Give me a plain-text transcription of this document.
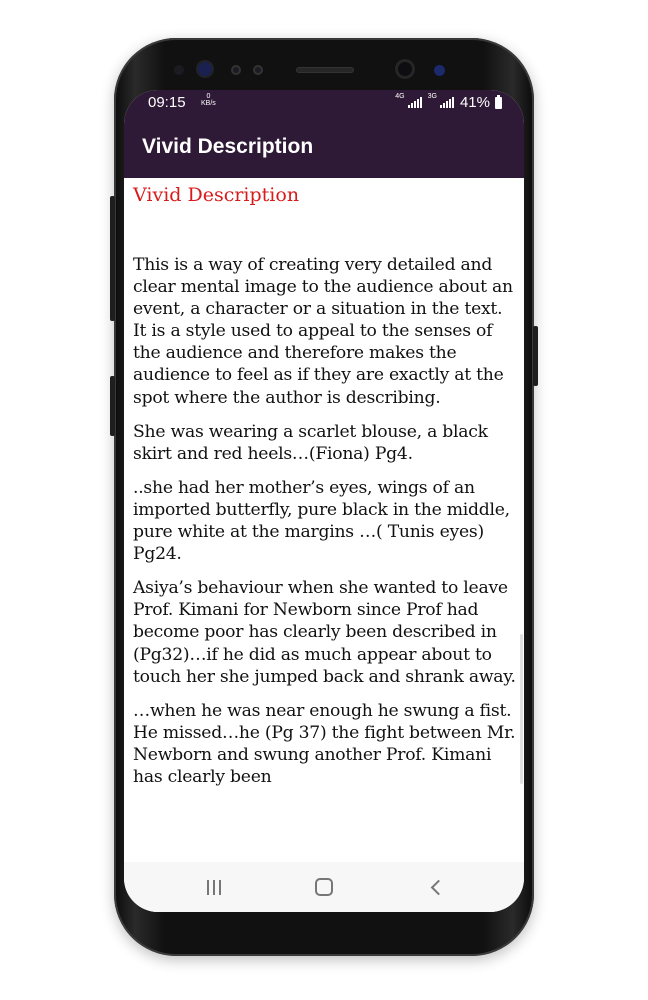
09:15	0
KB/s
4G	3G 41%
Vivid Description
Vivid Description

This is a way of creating very detailed and clear mental image to the audience about an event, a character or a situation in the text. It is a style used to appeal to the senses of the audience and therefore makes the audience to feel as if they are exactly at the spot where the author is describing.

She was wearing a scarlet blouse, a black skirt and red heels…(Fiona) Pg4.

..she had her mother’s eyes, wings of an imported butterfly, pure black in the middle, pure white at the margins …( Tunis eyes) Pg24.

Asiya’s behaviour when she wanted to leave Prof. Kimani for Newborn since Prof had become poor has clearly been described in (Pg32)…if he did as much appear about to touch her she jumped back and shrank away.

…when he was near enough he swung a fist. He missed…he (Pg 37) the fight between Mr. Newborn and swung another Prof. Kimani has clearly been
